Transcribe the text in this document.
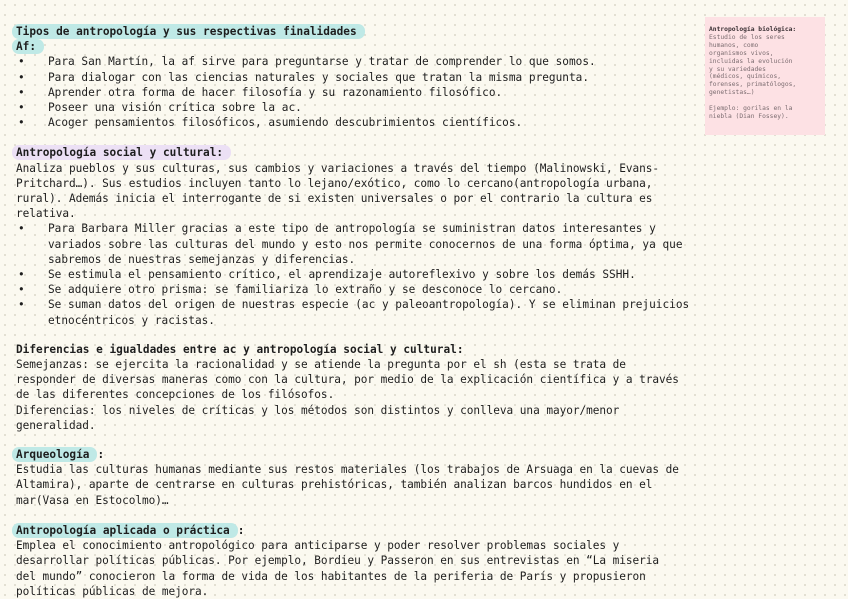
Antropología biológica:
Estudio de los seres
humanos, como
organismos vivos,
incluidas la evolución
y su variedades
(médicos, químicos,
forenses, primatólogos,
genetistas…)
Ejemplo: gorilas en la
niebla (Dian Fossey).
Tipos de antropología y sus respectivas finalidades
Af:
• Para San Martín, la af sirve para preguntarse y tratar de comprender lo que somos.
• Para dialogar con las ciencias naturales y sociales que tratan la misma pregunta.
• Aprender otra forma de hacer filosofía y su razonamiento filosófico.
• Poseer una visión crítica sobre la ac.
• Acoger pensamientos filosóficos, asumiendo descubrimientos científicos.
Antropología social y cultural:
Analiza pueblos y sus culturas, sus cambios y variaciones a través del tiempo (Malinowski, Evans-
Pritchard…). Sus estudios incluyen tanto lo lejano/exótico, como lo cercano(antropología urbana,
rural). Además inicia el interrogante de si existen universales o por el contrario la cultura es
relativa.
• Para Barbara Miller gracias a este tipo de antropología se suministran datos interesantes y
variados sobre las culturas del mundo y esto nos permite conocernos de una forma óptima, ya que
sabremos de nuestras semejanzas y diferencias.
• Se estimula el pensamiento crítico, el aprendizaje autoreflexivo y sobre los demás SSHH.
• Se adquiere otro prisma: se familiariza lo extraño y se desconoce lo cercano.
• Se suman datos del origen de nuestras especie (ac y paleoantropología). Y se eliminan prejuicios
etnocéntricos y racistas.
Diferencias e igualdades entre ac y antropología social y cultural:
Semejanzas: se ejercita la racionalidad y se atiende la pregunta por el sh (esta se trata de
responder de diversas maneras como con la cultura, por medio de la explicación científica y a través
de las diferentes concepciones de los filósofos.
Diferencias: los niveles de críticas y los métodos son distintos y conlleva una mayor/menor
generalidad.
Arqueología :
Estudia las culturas humanas mediante sus restos materiales (los trabajos de Arsuaga en la cuevas de
Altamira), aparte de centrarse en culturas prehistóricas, también analizan barcos hundidos en el
mar(Vasa en Estocolmo)…
Antropología aplicada o práctica :
Emplea el conocimiento antropológico para anticiparse y poder resolver problemas sociales y
desarrollar políticas públicas. Por ejemplo, Bordieu y Passeron en sus entrevistas en “La miseria
del mundo” conocieron la forma de vida de los habitantes de la periferia de París y propusieron
políticas públicas de mejora.
